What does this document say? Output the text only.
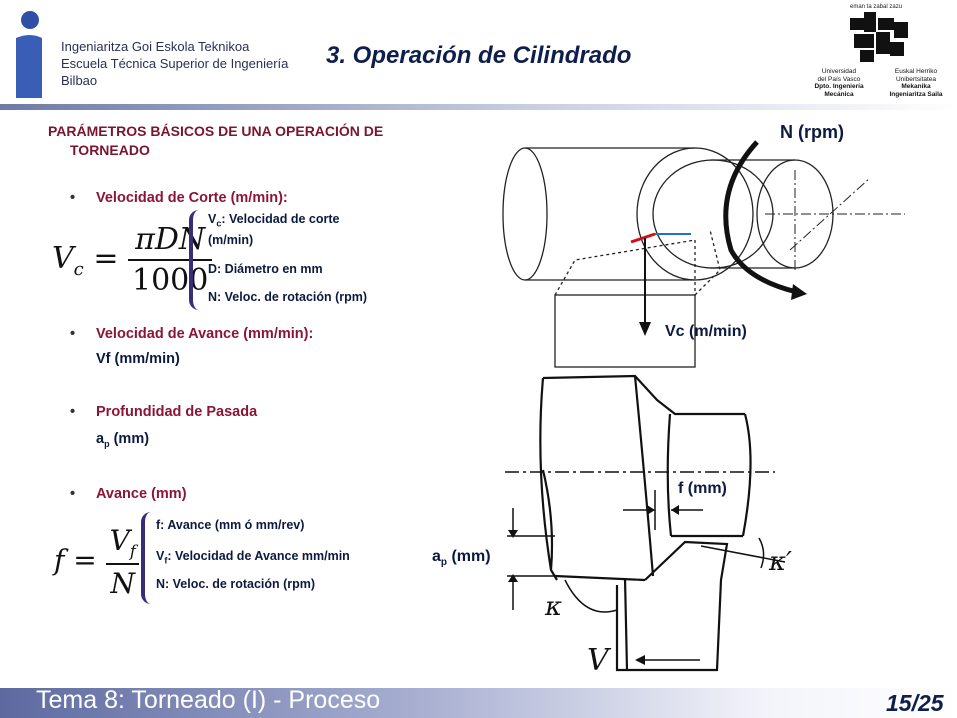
Ingeniaritza Goi Eskola Teknikoa
Escuela Técnica Superior de Ingeniería
Bilbao
3. Operación de Cilindrado
eman ta zabal zazu
Universidad
del País Vasco
Dpto. Ingeniería
Mecánica
Euskal Herriko
Unibertsitatea
Mekanika
Ingeniaritza Saila
PARÁMETROS BÁSICOS DE UNA OPERACIÓN DE
TORNEADO
• Velocidad de Corte (m/min):
$V_c = \frac{\text{πDN}}{1000}$
$V_c$: Velocidad de corte
(m/min)
D: Diámetro en mm
N: Veloc. de rotación (rpm)
• Velocidad de Avance (mm/min):
Vf (mm/min)
• Profundidad de Pasada
$a_p$ (mm)
• Avance (mm)
$f = \frac{V_f}{N} f$: Avance (mm ó mm/rev)
$V_f$: Velocidad de Avance mm/min
N: Veloc. de rotación (rpm)
N (rpm)
Vc (m/min)
κ′
κ
V
f (mm)
$a_p$ (mm)
Tema 8: Torneado (I) - Proceso	15/25
